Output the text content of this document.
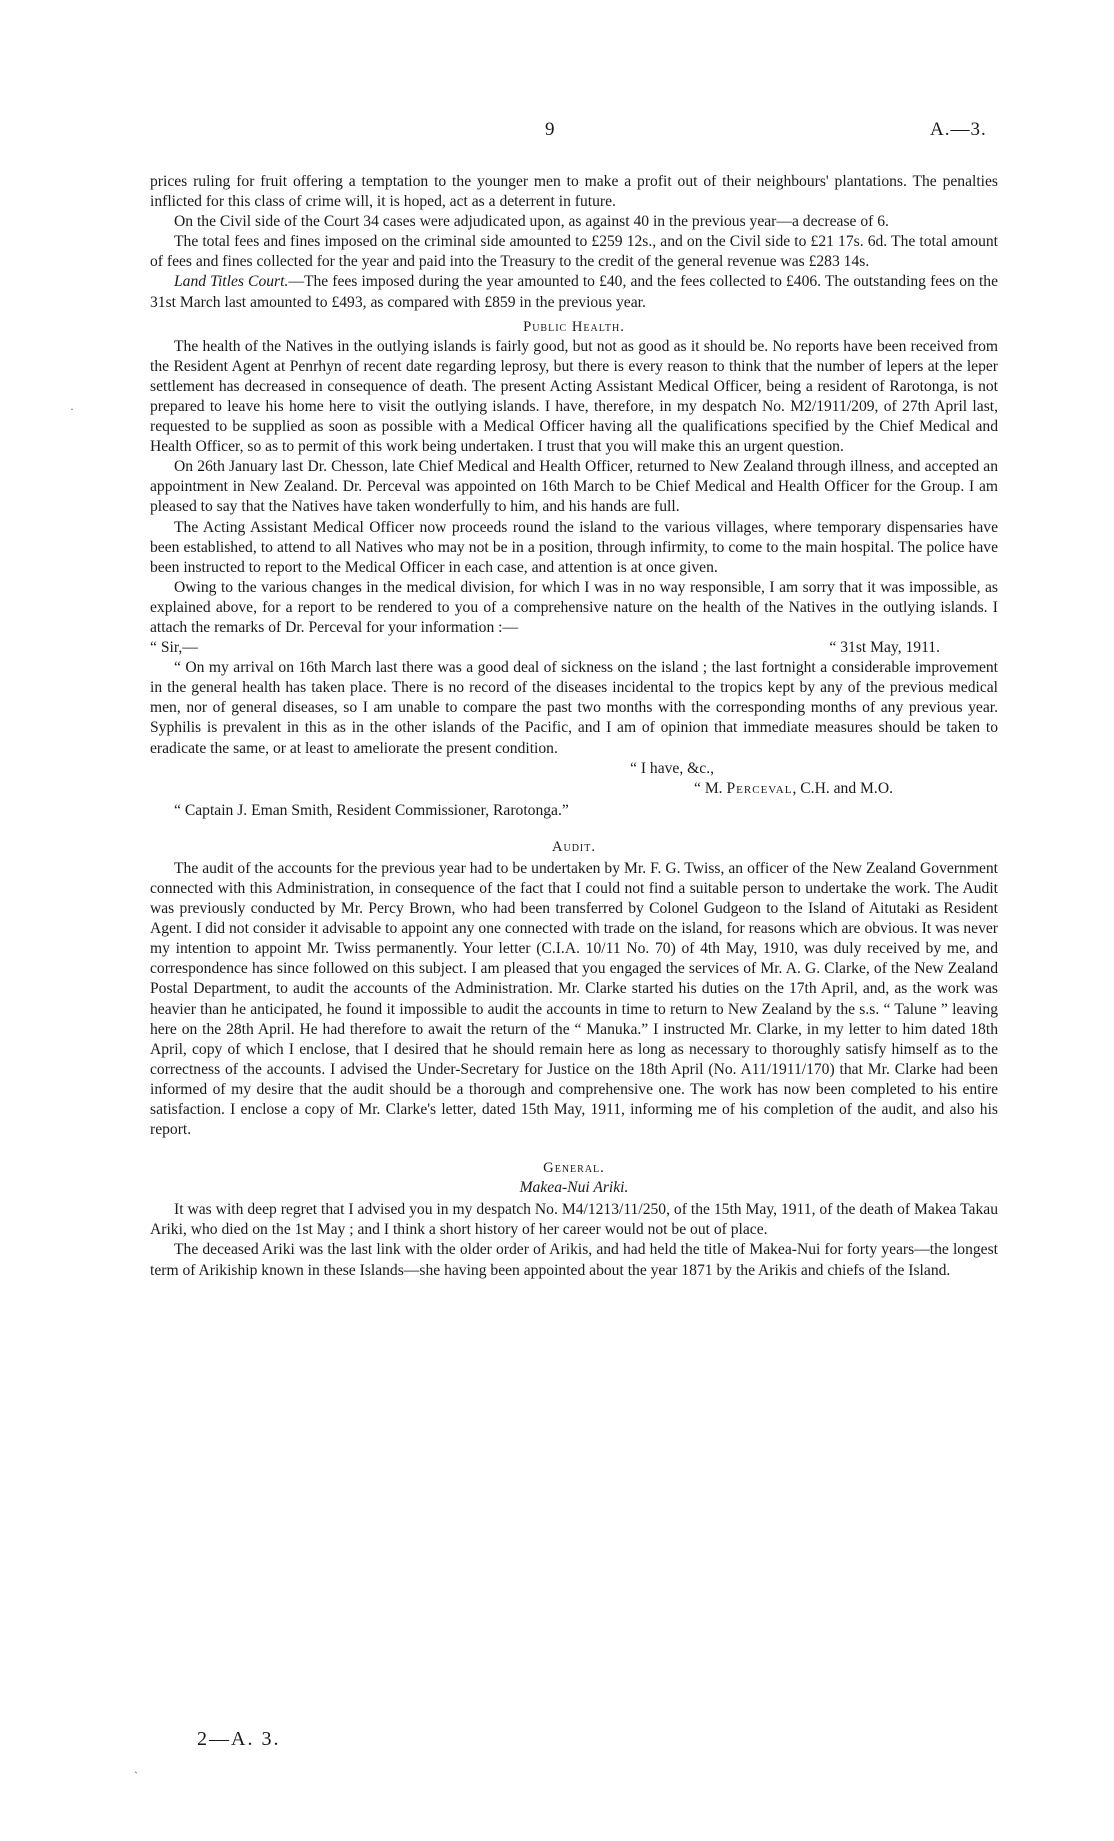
9	A.—3.

prices ruling for fruit offering a temptation to the younger men to make a profit out of their neighbours' plantations. The penalties inflicted for this class of crime will, it is hoped, act as a deterrent in future.

On the Civil side of the Court 34 cases were adjudicated upon, as against 40 in the previous year—a decrease of 6.

The total fees and fines imposed on the criminal side amounted to £259 12s., and on the Civil side to £21 17s. 6d. The total amount of fees and fines collected for the year and paid into the Treasury to the credit of the general revenue was £283 14s.

Land Titles Court.—The fees imposed during the year amounted to £40, and the fees collected to £406. The outstanding fees on the 31st March last amounted to £493, as compared with £859 in the previous year.

Public Health.

The health of the Natives in the outlying islands is fairly good, but not as good as it should be. No reports have been received from the Resident Agent at Penrhyn of recent date regarding leprosy, but there is every reason to think that the number of lepers at the leper settlement has decreased in consequence of death. The present Acting Assistant Medical Officer, being a resident of Rarotonga, is not prepared to leave his home here to visit the outlying islands. I have, therefore, in my despatch No. M2/1911/209, of 27th April last, requested to be supplied as soon as possible with a Medical Officer having all the qualifications specified by the Chief Medical and Health Officer, so as to permit of this work being undertaken. I trust that you will make this an urgent question.

On 26th January last Dr. Chesson, late Chief Medical and Health Officer, returned to New Zealand through illness, and accepted an appointment in New Zealand. Dr. Perceval was appointed on 16th March to be Chief Medical and Health Officer for the Group. I am pleased to say that the Natives have taken wonderfully to him, and his hands are full.

The Acting Assistant Medical Officer now proceeds round the island to the various villages, where temporary dispensaries have been established, to attend to all Natives who may not be in a position, through infirmity, to come to the main hospital. The police have been instructed to report to the Medical Officer in each case, and attention is at once given.

Owing to the various changes in the medical division, for which I was in no way responsible, I am sorry that it was impossible, as explained above, for a report to be rendered to you of a comprehensive nature on the health of the Natives in the outlying islands. I attach the remarks of Dr. Perceval for your information :—

“ Sir,—	“ 31st May, 1911.

“ On my arrival on 16th March last there was a good deal of sickness on the island ; the last fortnight a considerable improvement in the general health has taken place. There is no record of the diseases incidental to the tropics kept by any of the previous medical men, nor of general diseases, so I am unable to compare the past two months with the corresponding months of any previous year. Syphilis is prevalent in this as in the other islands of the Pacific, and I am of opinion that immediate measures should be taken to eradicate the same, or at least to ameliorate the present condition.

“ I have, &c.,
“ M. Perceval, C.H. and M.O.
“ Captain J. Eman Smith, Resident Commissioner, Rarotonga.”
Audit.

The audit of the accounts for the previous year had to be undertaken by Mr. F. G. Twiss, an officer of the New Zealand Government connected with this Administration, in consequence of the fact that I could not find a suitable person to undertake the work. The Audit was previously conducted by Mr. Percy Brown, who had been transferred by Colonel Gudgeon to the Island of Aitutaki as Resident Agent. I did not consider it advisable to appoint any one connected with trade on the island, for reasons which are obvious. It was never my intention to appoint Mr. Twiss permanently. Your letter (C.I.A. 10/11 No. 70) of 4th May, 1910, was duly received by me, and correspondence has since followed on this subject. I am pleased that you engaged the services of Mr. A. G. Clarke, of the New Zealand Postal Department, to audit the accounts of the Administration. Mr. Clarke started his duties on the 17th April, and, as the work was heavier than he anticipated, he found it impossible to audit the accounts in time to return to New Zealand by the s.s. “ Talune ” leaving here on the 28th April. He had therefore to await the return of the “ Manuka.” I instructed Mr. Clarke, in my letter to him dated 18th April, copy of which I enclose, that I desired that he should remain here as long as necessary to thoroughly satisfy himself as to the correctness of the accounts. I advised the Under-Secretary for Justice on the 18th April (No. A11/1911/170) that Mr. Clarke had been informed of my desire that the audit should be a thorough and comprehensive one. The work has now been completed to his entire satisfaction. I enclose a copy of Mr. Clarke's letter, dated 15th May, 1911, informing me of his completion of the audit, and also his report.

General.
Makea-Nui Ariki.

It was with deep regret that I advised you in my despatch No. M4/1213/11/250, of the 15th May, 1911, of the death of Makea Takau Ariki, who died on the 1st May ; and I think a short history of her career would not be out of place.

The deceased Ariki was the last link with the older order of Arikis, and had held the title of Makea-Nui for forty years—the longest term of Arikiship known in these Islands—she having been appointed about the year 1871 by the Arikis and chiefs of the Island.

2—A. 3.
·
`
